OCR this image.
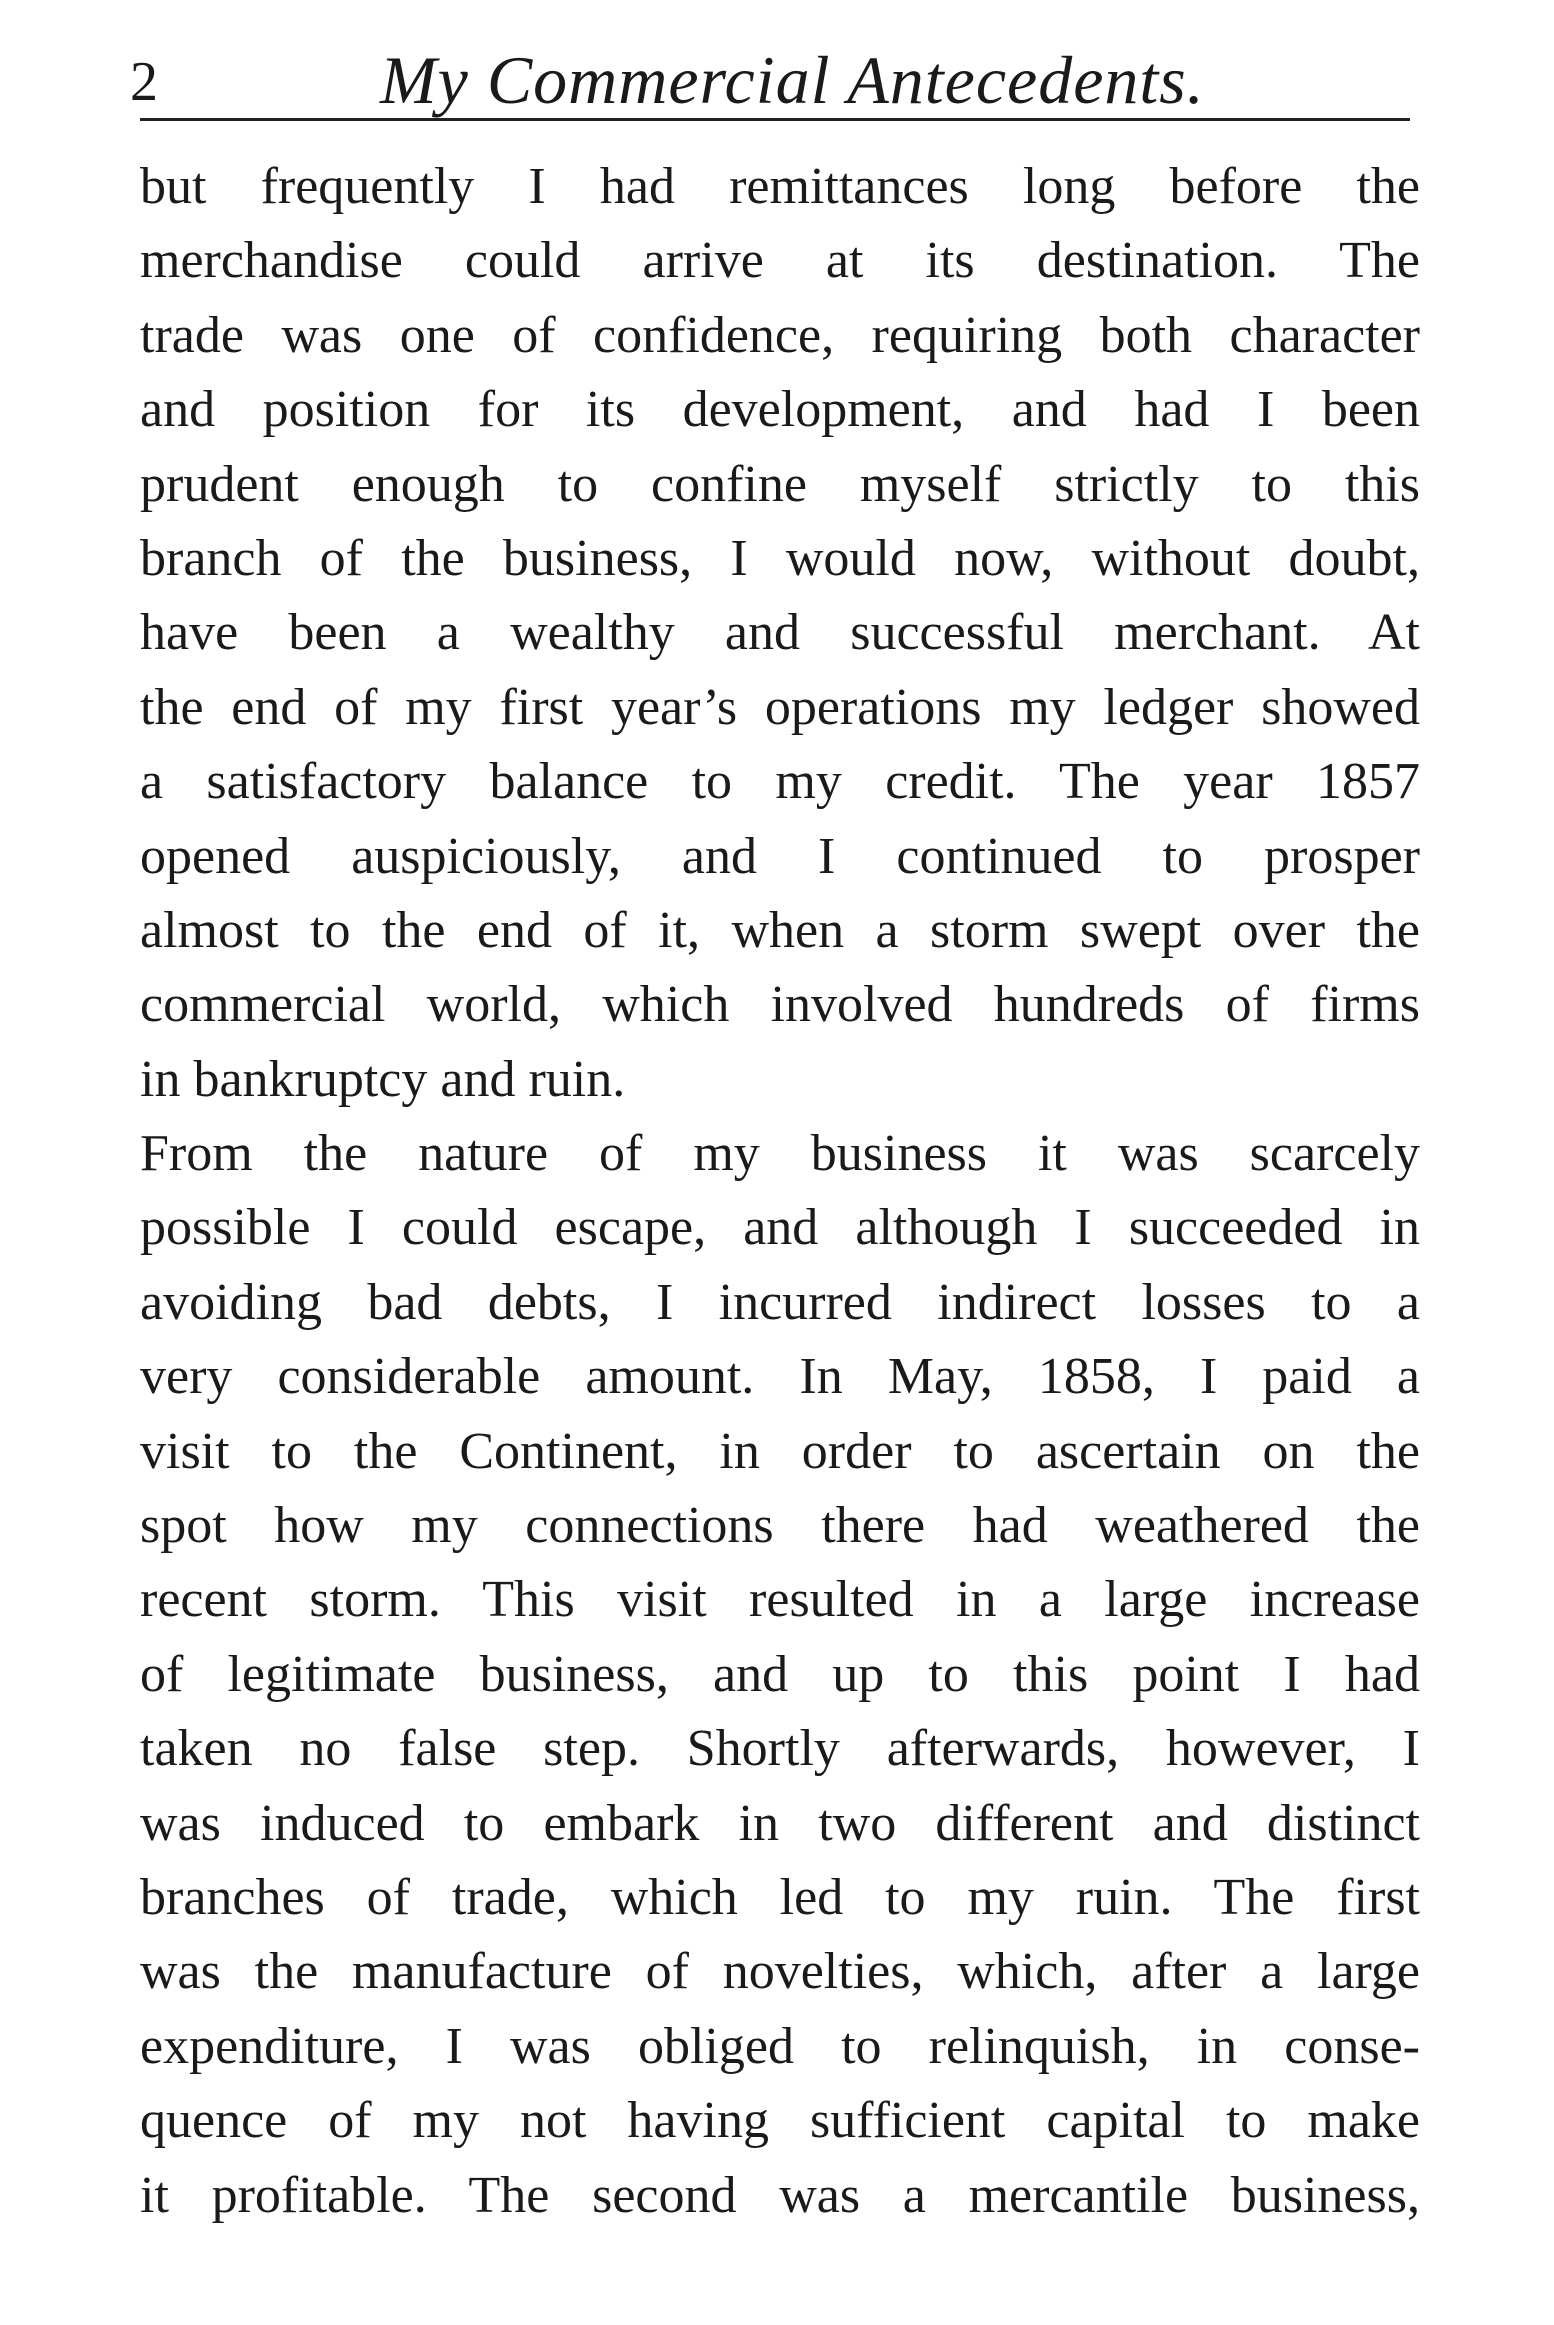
2	My Commercial Antecedents.
but frequently I had remittances long before the
merchandise could arrive at its destination. The
trade was one of confidence, requiring both character
and position for its development, and had I been
prudent enough to confine myself strictly to this
branch of the business, I would now, without doubt,
have been a wealthy and successful merchant. At
the end of my first year’s operations my ledger showed
a satisfactory balance to my credit. The year 1857
opened auspiciously, and I continued to prosper
almost to the end of it, when a storm swept over the
commercial world, which involved hundreds of firms
in bankruptcy and ruin.
From the nature of my business it was scarcely
possible I could escape, and although I succeeded in
avoiding bad debts, I incurred indirect losses to a
very considerable amount. In May, 1858, I paid a
visit to the Continent, in order to ascertain on the
spot how my connections there had weathered the
recent storm. This visit resulted in a large increase
of legitimate business, and up to this point I had
taken no false step. Shortly afterwards, however, I
was induced to embark in two different and distinct
branches of trade, which led to my ruin. The first
was the manufacture of novelties, which, after a large
expenditure, I was obliged to relinquish, in conse-
quence of my not having sufficient capital to make
it profitable. The second was a mercantile business,
